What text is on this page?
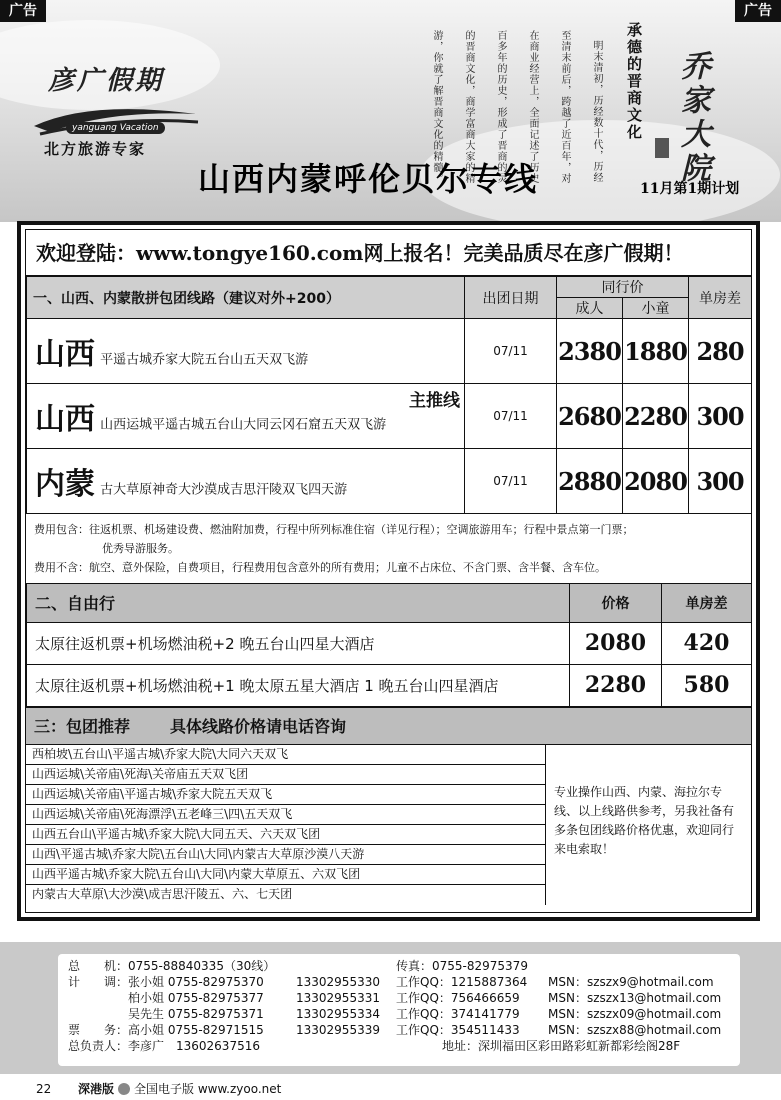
彦广假期
yanguang Vacation
北方旅游专家	游，你就了解晋商文化的精髓。 的晋商文化，商学富商大家的精 百多年的历史，形成了晋商的灵 在商业经营上，全面记述了历史 至清末前后，跨越了近百年，对 明末清初，历经数十代，历经 承德的晋商文化 乔家大院
山西内蒙呼伦贝尔专线	11月第1期计划
广告	广告
欢迎登陆：www.tongye160.com网上报名！完美品质尽在彦广假期！
一、山西、内蒙散拼包团线路（建议对外+200）	出团日期	同行价		单房差
		成人	小童	
山西 $_{平遥古城乔家大院五台山五天双飞游}$	07/11	2380	1880	280

主推线
山西 $_{山西运城平遥古城五台山大同云冈石窟五天双飞游}$	07/11	2680	2280	300
内蒙 $_{古大草原神奇大沙漠成吉思汗陵双飞四天游}$	07/11	2880	2080	300
费用包含：往返机票、机场建设费、燃油附加费，行程中所列标准住宿（详见行程）；空调旅游用车；行程中景点第一门票；
优秀导游服务。
费用不含：航空、意外保险，自费项目，行程费用包含意外的所有费用；儿童不占床位、不含门票、含半餐、含车位。
二、自由行	价格	单房差
太原往返机票+机场燃油税+2 晚五台山四星大酒店	2080	420
太原往返机票+机场燃油税+1 晚太原五星大酒店 1 晚五台山四星酒店	2280	580
三：包团推荐	具体线路价格请电话咨询
西柏坡\五台山\平遥古城\乔家大院\大同六天双飞
山西运城\关帝庙\死海\关帝庙五天双飞团
山西运城\关帝庙\平遥古城\乔家大院五天双飞
山西运城\关帝庙\死海漂浮\五老峰三\四\五天双飞
山西五台山\平遥古城\乔家大院\大同五天、六天双飞团
山西\平遥古城\乔家大院\五台山\大同\内蒙古大草原沙漠八天游
山西平遥古城\乔家大院\五台山\大同\内蒙大草原五、六双飞团
内蒙古大草原\大沙漠\成吉思汗陵五、六、七天团
专业操作山西、内蒙、海拉尔专线、以上线路供参考，另我社备有多条包团线路价格优惠，欢迎同行来电索取！
总　　机： 0755-88840335（30线）	传真：0755-82975379
计　　调： 张小姐 0755-82975370	13302955330 工作QQ：1215887364 MSN：szszx9@hotmail.com
柏小姐 0755-82975377	13302955331 工作QQ：756466659 MSN：szszx13@hotmail.com
吴先生 0755-82975371	13302955334 工作QQ：374141779 MSN：szszx09@hotmail.com
票　　务： 高小姐 0755-82971515	13302955339 工作QQ：354511433 MSN：szszx88@hotmail.com
总负责人：李彦广　13602637516	地址：深圳福田区彩田路彩虹新都彩绘阁28F
22 深港版 全国电子版 www.zyoo.net
